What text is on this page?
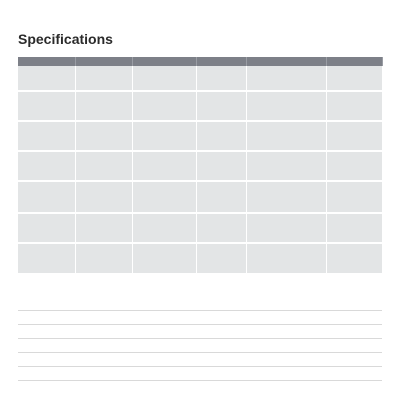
Specifications
